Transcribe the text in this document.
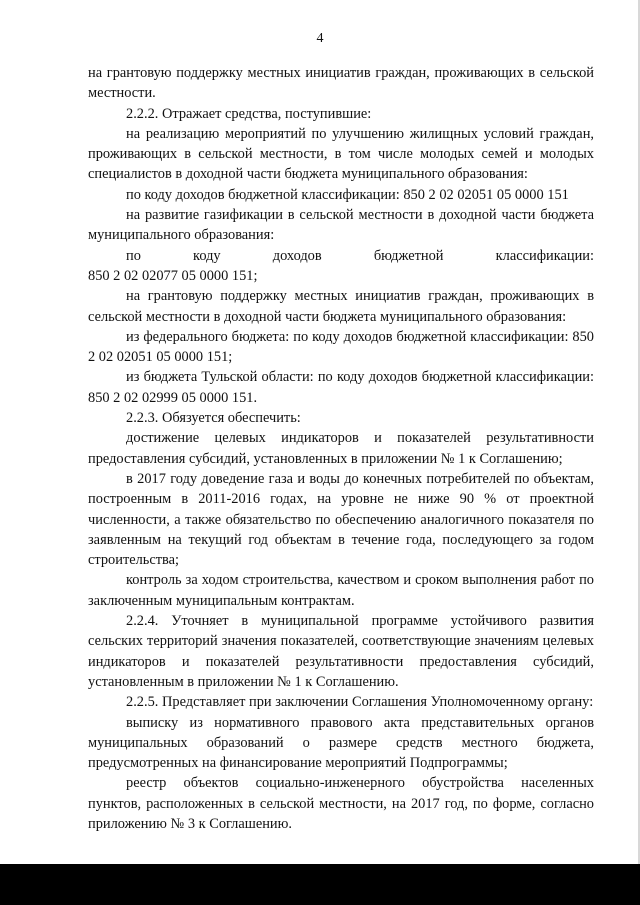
4

на грантовую поддержку местных инициатив граждан, проживающих в сельской местности.

2.2.2. Отражает средства, поступившие:

на реализацию мероприятий по улучшению жилищных условий граждан, проживающих в сельской местности, в том числе молодых семей и молодых специалистов в доходной части бюджета муниципального образования:

по коду доходов бюджетной классификации: 850 2 02 02051 05 0000 151

на развитие газификации в сельской местности в доходной части бюджета муниципального образования:

по коду доходов бюджетной классификации:

850 2 02 02077 05 0000 151;

на грантовую поддержку местных инициатив граждан, проживающих в сельской местности в доходной части бюджета муниципального образования:

из федерального бюджета: по коду доходов бюджетной классификации: 850 2 02 02051 05 0000 151;

из бюджета Тульской области: по коду доходов бюджетной классификации: 850 2 02 02999 05 0000 151.

2.2.3. Обязуется обеспечить:

достижение целевых индикаторов и показателей результативности предоставления субсидий, установленных в приложении № 1 к Соглашению;

в 2017 году доведение газа и воды до конечных потребителей по объектам, построенным в 2011-2016 годах, на уровне не ниже 90 % от проектной численности, а также обязательство по обеспечению аналогичного показателя по заявленным на текущий год объектам в течение года, последующего за годом строительства;

контроль за ходом строительства, качеством и сроком выполнения работ по заключенным муниципальным контрактам.

2.2.4. Уточняет в муниципальной программе устойчивого развития сельских территорий значения показателей, соответствующие значениям целевых индикаторов и показателей результативности предоставления субсидий, установленным в приложении № 1 к Соглашению.

2.2.5. Представляет при заключении Соглашения Уполномоченному органу:

выписку из нормативного правового акта представительных органов муниципальных образований о размере средств местного бюджета, предусмотренных на финансирование мероприятий Подпрограммы;

реестр объектов социально-инженерного обустройства населенных пунктов, расположенных в сельской местности, на 2017 год, по форме, согласно приложению № 3 к Соглашению.
